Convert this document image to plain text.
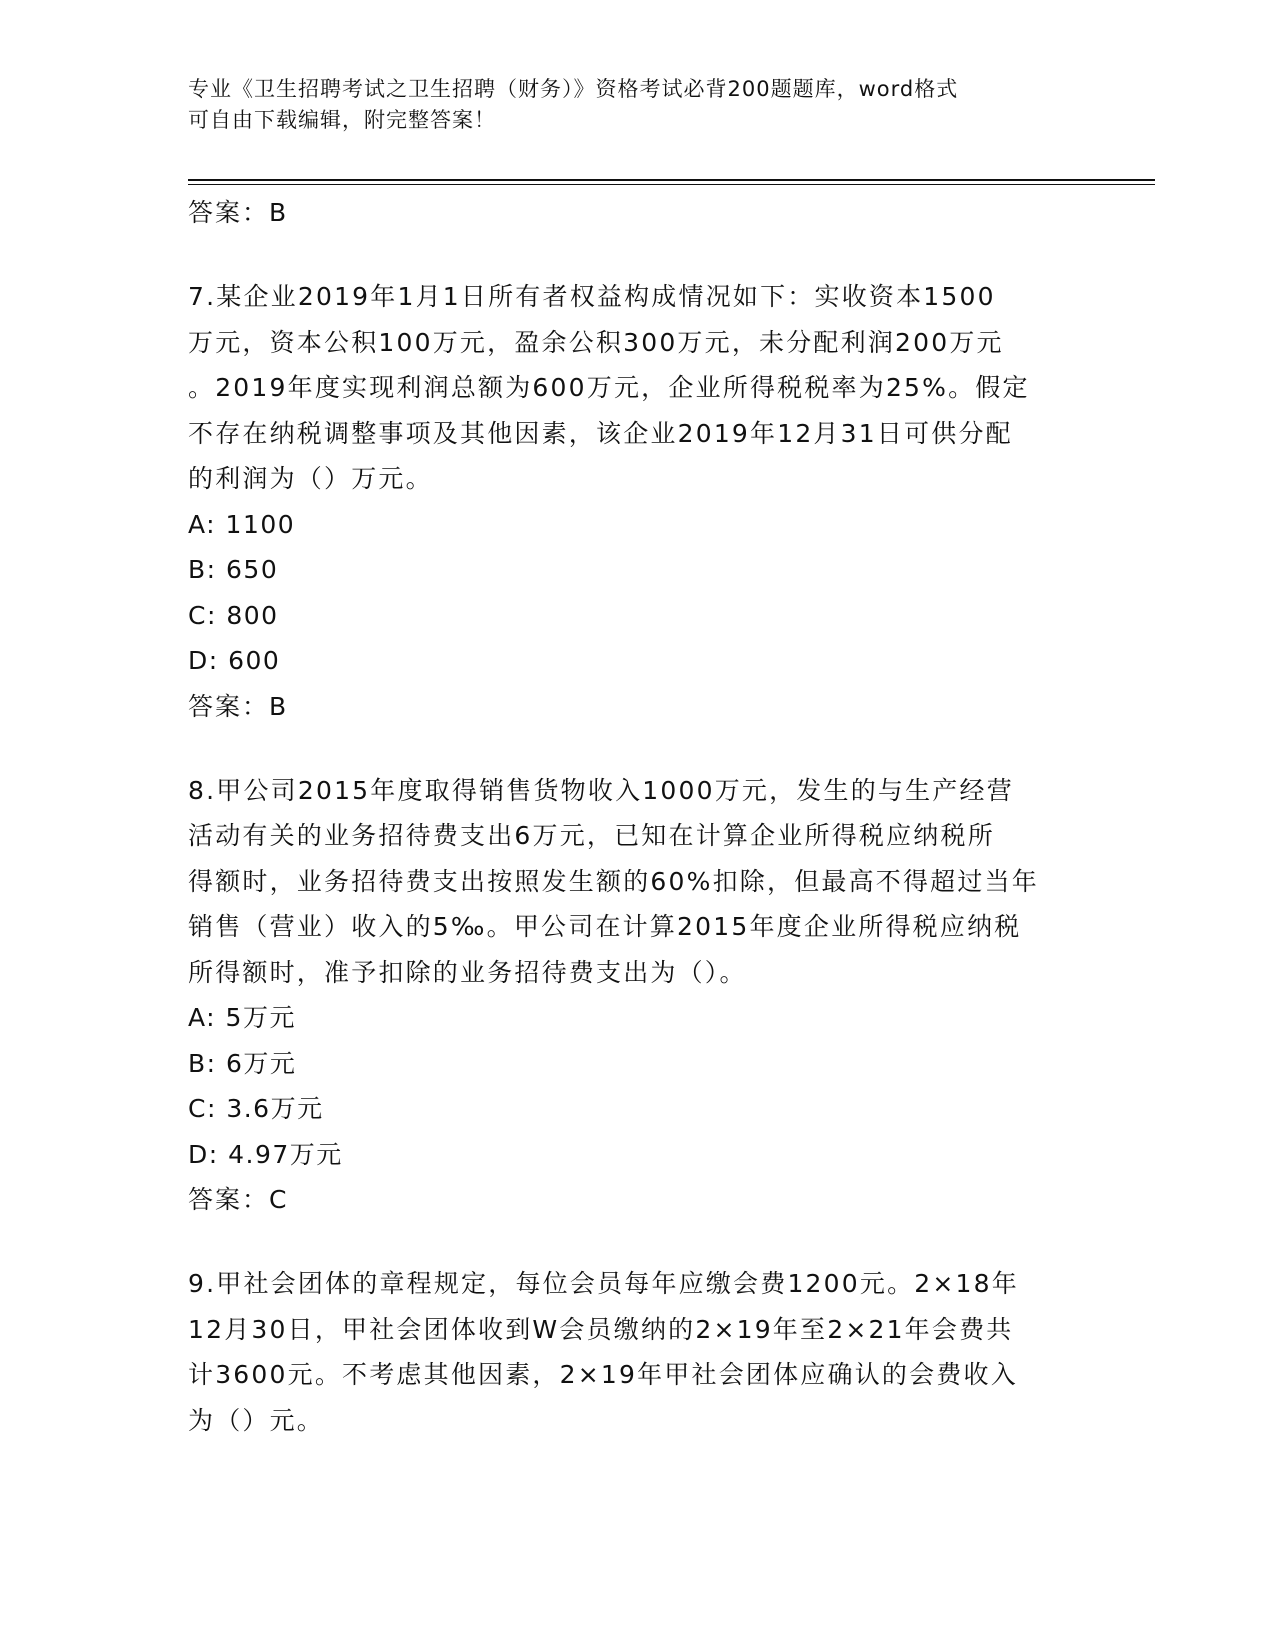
专业《卫生招聘考试之卫生招聘（财务）》资格考试必背200题题库，word格式
可自由下载编辑，附完整答案！
答案：B
7.某企业2019年1月1日所有者权益构成情况如下：实收资本1500
万元，资本公积100万元，盈余公积300万元，未分配利润200万元
。2019年度实现利润总额为600万元，企业所得税税率为25%。假定
不存在纳税调整事项及其他因素，该企业2019年12月31日可供分配
的利润为（）万元。
A: 1100
B: 650
C: 800
D: 600
答案：B
8.甲公司2015年度取得销售货物收入1000万元，发生的与生产经营
活动有关的业务招待费支出6万元，已知在计算企业所得税应纳税所
得额时，业务招待费支出按照发生额的60%扣除，但最高不得超过当年
销售（营业）收入的5‰。甲公司在计算2015年度企业所得税应纳税
所得额时，准予扣除的业务招待费支出为（）。
A: 5万元
B: 6万元
C: 3.6万元
D: 4.97万元
答案：C
9.甲社会团体的章程规定，每位会员每年应缴会费1200元。2×18年
12月30日，甲社会团体收到W会员缴纳的2×19年至2×21年会费共
计3600元。不考虑其他因素，2×19年甲社会团体应确认的会费收入
为（）元。
